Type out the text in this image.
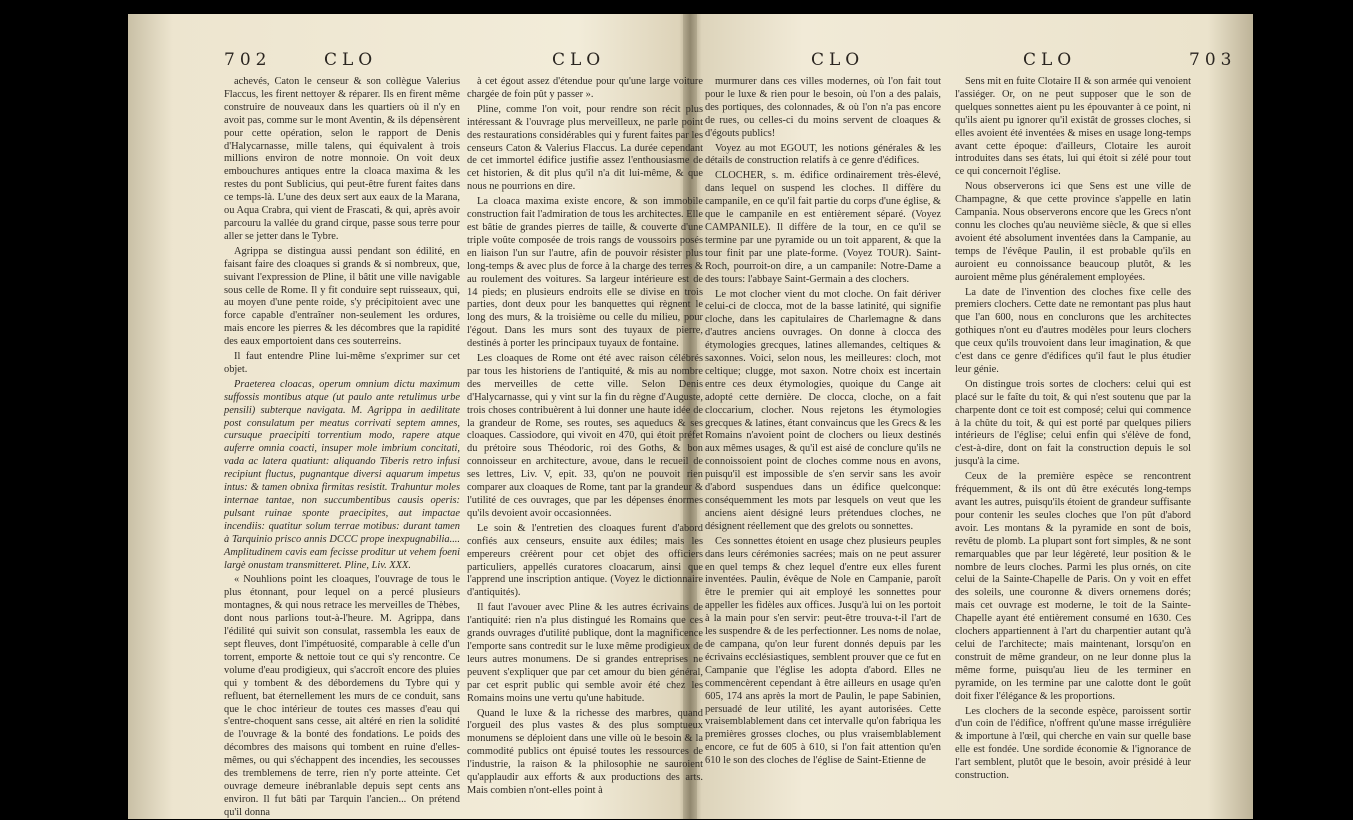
702	CLO	CLO

achevés, Caton le censeur & son collègue Valerius Flaccus, les firent nettoyer & réparer. Ils en firent même construire de nouveaux dans les quartiers où il n'y en avoit pas, comme sur le mont Aventin, & ils dépensèrent pour cette opération, selon le rapport de Denis d'Halycarnasse, mille talens, qui équivalent à trois millions environ de notre monnoie. On voit deux embouchures antiques entre la cloaca maxima & les restes du pont Sublicius, qui peut-être furent faites dans ce temps-là. L'une des deux sert aux eaux de la Marana, ou Aqua Crabra, qui vient de Frascati, & qui, après avoir parcouru la vallée du grand cirque, passe sous terre pour aller se jetter dans le Tybre.

Agrippa se distingua aussi pendant son édilité, en faisant faire des cloaques si grands & si nombreux, que, suivant l'expression de Pline, il bâtit une ville navigable sous celle de Rome. Il y fit conduire sept ruisseaux, qui, au moyen d'une pente roide, s'y précipitoient avec une force capable d'entraîner non-seulement les ordures, mais encore les pierres & les décombres que la rapidité des eaux emportoient dans ces souterreins.

Il faut entendre Pline lui-même s'exprimer sur cet objet.

Praeterea cloacas, operum omnium dictu maximum suffossis montibus atque (ut paulo ante retulimus urbe pensili) subterque navigata. M. Agrippa in aedilitate post consulatum per meatus corrivati septem amnes, cursuque praecipiti torrentium modo, rapere atque auferre omnia coacti, insuper mole imbrium concitati, vada ac latera quatiunt: aliquando Tiberis retro infusi recipiunt fluctus, pugnantque diversi aquarum impetus intus: & tamen obnixa firmitas resistit. Trahuntur moles internae tantae, non succumbentibus causis operis: pulsant ruinae sponte praecipites, aut impactae incendiis: quatitur solum terrae motibus: durant tamen à Tarquinio prisco annis DCCC prope inexpugnabilia.... Amplitudinem cavis eam fecisse proditur ut vehem foeni largè onustam transmitteret. Pline, Liv. XXX.

« Nouhlions point les cloaques, l'ouvrage de tous le plus étonnant, pour lequel on a percé plusieurs montagnes, & qui nous retrace les merveilles de Thèbes, dont nous parlions tout-à-l'heure. M. Agrippa, dans l'édilité qui suivit son consulat, rassembla les eaux de sept fleuves, dont l'impétuosité, comparable à celle d'un torrent, emporte & nettoie tout ce qui s'y rencontre. Ce volume d'eau prodigieux, qui s'accroît encore des pluies qui y tombent & des débordemens du Tybre qui y refluent, bat éternellement les murs de ce conduit, sans que le choc intérieur de toutes ces masses d'eau qui s'entre-choquent sans cesse, ait altéré en rien la solidité de l'ouvrage & la bonté des fondations. Le poids des décombres des maisons qui tombent en ruine d'elles-mêmes, ou qui s'échappent des incendies, les secousses des tremblemens de terre, rien n'y porte atteinte. Cet ouvrage demeure inébranlable depuis sept cents ans environ. Il fut bâti par Tarquin l'ancien... On prétend qu'il donna

à cet égout assez d'étendue pour qu'une large voiture chargée de foin pût y passer ».

Pline, comme l'on voit, pour rendre son récit plus intéressant & l'ouvrage plus merveilleux, ne parle point des restaurations considérables qui y furent faites par les censeurs Caton & Valerius Flaccus. La durée cependant de cet immortel édifice justifie assez l'enthousiasme de cet historien, & dit plus qu'il n'a dit lui-même, & que nous ne pourrions en dire.

La cloaca maxima existe encore, & son immobile construction fait l'admiration de tous les architectes. Elle est bâtie de grandes pierres de taille, & couverte d'une triple voûte composée de trois rangs de voussoirs posés en liaison l'un sur l'autre, afin de pouvoir résister plus long-temps & avec plus de force à la charge des terres & au roulement des voitures. Sa largeur intérieure est de 14 pieds; en plusieurs endroits elle se divise en trois parties, dont deux pour les banquettes qui règnent le long des murs, & la troisième ou celle du milieu, pour l'égout. Dans les murs sont des tuyaux de pierre, destinés à porter les principaux tuyaux de fontaine.

Les cloaques de Rome ont été avec raison célébrés par tous les historiens de l'antiquité, & mis au nombre des merveilles de cette ville. Selon Denis d'Halycarnasse, qui y vint sur la fin du règne d'Auguste, trois choses contribuèrent à lui donner une haute idée de la grandeur de Rome, ses routes, ses aqueducs & ses cloaques. Cassiodore, qui vivoit en 470, qui étoit préfet du prétoire sous Théodoric, roi des Goths, & bon connoisseur en architecture, avoue, dans le recueil de ses lettres, Liv. V, epit. 33, qu'on ne pouvoit rien comparer aux cloaques de Rome, tant par la grandeur & l'utilité de ces ouvrages, que par les dépenses énormes qu'ils devoient avoir occasionnées.

Le soin & l'entretien des cloaques furent d'abord confiés aux censeurs, ensuite aux édiles; mais les empereurs créèrent pour cet objet des officiers particuliers, appellés curatores cloacarum, ainsi que l'apprend une inscription antique. (Voyez le dictionnaire d'antiquités).

Il faut l'avouer avec Pline & les autres écrivains de l'antiquité: rien n'a plus distingué les Romains que ces grands ouvrages d'utilité publique, dont la magnificence l'emporte sans contredit sur le luxe même prodigieux de leurs autres monumens. De si grandes entreprises ne peuvent s'expliquer que par cet amour du bien général, par cet esprit public qui semble avoir été chez les Romains moins une vertu qu'une habitude.

Quand le luxe & la richesse des marbres, quand l'orgueil des plus vastes & des plus somptueux monumens se déploient dans une ville où le besoin & la commodité publics ont épuisé toutes les ressources de l'industrie, la raison & la philosophie ne sauroient qu'applaudir aux efforts & aux productions des arts. Mais combien n'ont-elles point à

CLO	CLO	703

murmurer dans ces villes modernes, où l'on fait tout pour le luxe & rien pour le besoin, où l'on a des palais, des portiques, des colonnades, & où l'on n'a pas encore de rues, ou celles-ci du moins servent de cloaques & d'égouts publics!

Voyez au mot EGOUT, les notions générales & les détails de construction relatifs à ce genre d'édifices.

CLOCHER, s. m. édifice ordinairement très-élevé, dans lequel on suspend les cloches. Il diffère du campanile, en ce qu'il fait partie du corps d'une église, & que le campanile en est entièrement séparé. (Voyez CAMPANILE). Il diffère de la tour, en ce qu'il se termine par une pyramide ou un toit apparent, & que la tour finit par une plate-forme. (Voyez TOUR). Saint-Roch, pourroit-on dire, a un campanile: Notre-Dame a des tours: l'abbaye Saint-Germain a des clochers.

Le mot clocher vient du mot cloche. On fait dériver celui-ci de clocca, mot de la basse latinité, qui signifie cloche, dans les capitulaires de Charlemagne & dans d'autres anciens ouvrages. On donne à clocca des étymologies grecques, latines allemandes, celtiques & saxonnes. Voici, selon nous, les meilleures: cloch, mot celtique; clugge, mot saxon. Notre choix est incertain entre ces deux étymologies, quoique du Cange ait adopté cette dernière. De clocca, cloche, on a fait cloccarium, clocher. Nous rejetons les étymologies grecques & latines, étant convaincus que les Grecs & les Romains n'avoient point de clochers ou lieux destinés aux mêmes usages, & qu'il est aisé de conclure qu'ils ne connoissoient point de cloches comme nous en avons, puisqu'il est impossible de s'en servir sans les avoir d'abord suspendues dans un édifice quelconque: conséquemment les mots par lesquels on veut que les anciens aient désigné leurs prétendues cloches, ne désignent réellement que des grelots ou sonnettes.

Ces sonnettes étoient en usage chez plusieurs peuples dans leurs cérémonies sacrées; mais on ne peut assurer en quel temps & chez lequel d'entre eux elles furent inventées. Paulin, évêque de Nole en Campanie, paroît être le premier qui ait employé les sonnettes pour appeller les fidèles aux offices. Jusqu'à lui on les portoit à la main pour s'en servir: peut-être trouva-t-il l'art de les suspendre & de les perfectionner. Les noms de nolae, de campana, qu'on leur furent donnés depuis par les écrivains ecclésiastiques, semblent prouver que ce fut en Campanie que l'église les adopta d'abord. Elles ne commencèrent cependant à être ailleurs en usage qu'en 605, 174 ans après la mort de Paulin, le pape Sabinien, persuadé de leur utilité, les ayant autorisées. Cette vraisemblablement dans cet intervalle qu'on fabriqua les premières grosses cloches, ou plus vraisemblablement encore, ce fut de 605 à 610, si l'on fait attention qu'en 610 le son des cloches de l'église de Saint-Etienne de

Sens mit en fuite Clotaire II & son armée qui venoient l'assiéger. Or, on ne peut supposer que le son de quelques sonnettes aient pu les épouvanter à ce point, ni qu'ils aient pu ignorer qu'il existât de grosses cloches, si elles avoient été inventées & mises en usage long-temps avant cette époque: d'ailleurs, Clotaire les auroit introduites dans ses états, lui qui étoit si zélé pour tout ce qui concernoit l'église.

Nous observerons ici que Sens est une ville de Champagne, & que cette province s'appelle en latin Campania. Nous observerons encore que les Grecs n'ont connu les cloches qu'au neuvième siècle, & que si elles avoient été absolument inventées dans la Campanie, au temps de l'évêque Paulin, il est probable qu'ils en auroient eu connoissance beaucoup plutôt, & les auroient même plus généralement employées.

La date de l'invention des cloches fixe celle des premiers clochers. Cette date ne remontant pas plus haut que l'an 600, nous en conclurons que les architectes gothiques n'ont eu d'autres modèles pour leurs clochers que ceux qu'ils trouvoient dans leur imagination, & que c'est dans ce genre d'édifices qu'il faut le plus étudier leur génie.

On distingue trois sortes de clochers: celui qui est placé sur le faîte du toit, & qui n'est soutenu que par la charpente dont ce toit est composé; celui qui commence à la chûte du toit, & qui est porté par quelques piliers intérieurs de l'église; celui enfin qui s'élève de fond, c'est-à-dire, dont on fait la construction depuis le sol jusqu'à la cime.

Ceux de la première espèce se rencontrent fréquemment, & ils ont dû être exécutés long-temps avant les autres, puisqu'ils étoient de grandeur suffisante pour contenir les seules cloches que l'on pût d'abord avoir. Les montans & la pyramide en sont de bois, revêtu de plomb. La plupart sont fort simples, & ne sont remarquables que par leur légèreté, leur position & le nombre de leurs cloches. Parmi les plus ornés, on cite celui de la Sainte-Chapelle de Paris. On y voit en effet des soleils, une couronne & divers ornemens dorés; mais cet ouvrage est moderne, le toit de la Sainte-Chapelle ayant été entièrement consumé en 1630. Ces clochers appartiennent à l'art du charpentier autant qu'à celui de l'architecte; mais maintenant, lorsqu'on en construit de même grandeur, on ne leur donne plus la même forme, puisqu'au lieu de les terminer en pyramide, on les termine par une calotte dont le goût doit fixer l'élégance & les proportions.

Les clochers de la seconde espèce, paroissent sortir d'un coin de l'édifice, n'offrent qu'une masse irrégulière & importune à l'œil, qui cherche en vain sur quelle base elle est fondée. Une sordide économie & l'ignorance de l'art semblent, plutôt que le besoin, avoir présidé à leur construction.
